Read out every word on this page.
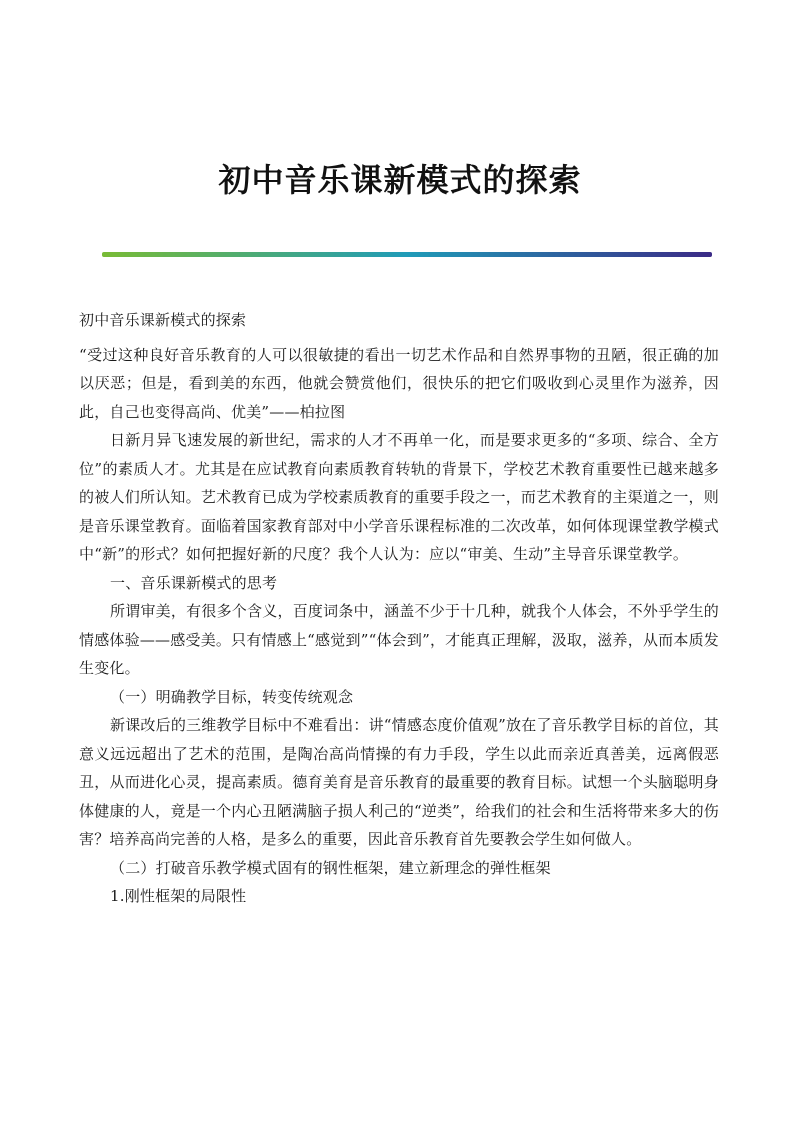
初中音乐课新模式的探索

初中音乐课新模式的探索

“受过这种良好音乐教育的人可以很敏捷的看出一切艺术作品和自然界事物的丑陋，很正确的加以厌恶；但是，看到美的东西，他就会赞赏他们，很快乐的把它们吸收到心灵里作为滋养，因此，自己也变得高尚、优美”——柏拉图

日新月异飞速发展的新世纪，需求的人才不再单一化，而是要求更多的“多项、综合、全方位”的素质人才。尤其是在应试教育向素质教育转轨的背景下，学校艺术教育重要性已越来越多的被人们所认知。艺术教育已成为学校素质教育的重要手段之一，而艺术教育的主渠道之一，则是音乐课堂教育。面临着国家教育部对中小学音乐课程标准的二次改革，如何体现课堂教学模式中“新”的形式？如何把握好新的尺度？我个人认为：应以“审美、生动”主导音乐课堂教学。

一、音乐课新模式的思考

所谓审美，有很多个含义，百度词条中，涵盖不少于十几种，就我个人体会，不外乎学生的情感体验——感受美。只有情感上“感觉到”“体会到”，才能真正理解，汲取，滋养，从而本质发生变化。

（一）明确教学目标，转变传统观念

新课改后的三维教学目标中不难看出：讲“情感态度价值观”放在了音乐教学目标的首位，其意义远远超出了艺术的范围，是陶冶高尚情操的有力手段，学生以此而亲近真善美，远离假恶丑，从而进化心灵，提高素质。德育美育是音乐教育的最重要的教育目标。试想一个头脑聪明身体健康的人，竟是一个内心丑陋满脑子损人利己的“逆类”，给我们的社会和生活将带来多大的伤害？培养高尚完善的人格，是多么的重要，因此音乐教育首先要教会学生如何做人。

（二）打破音乐教学模式固有的钢性框架，建立新理念的弹性框架

1.刚性框架的局限性
